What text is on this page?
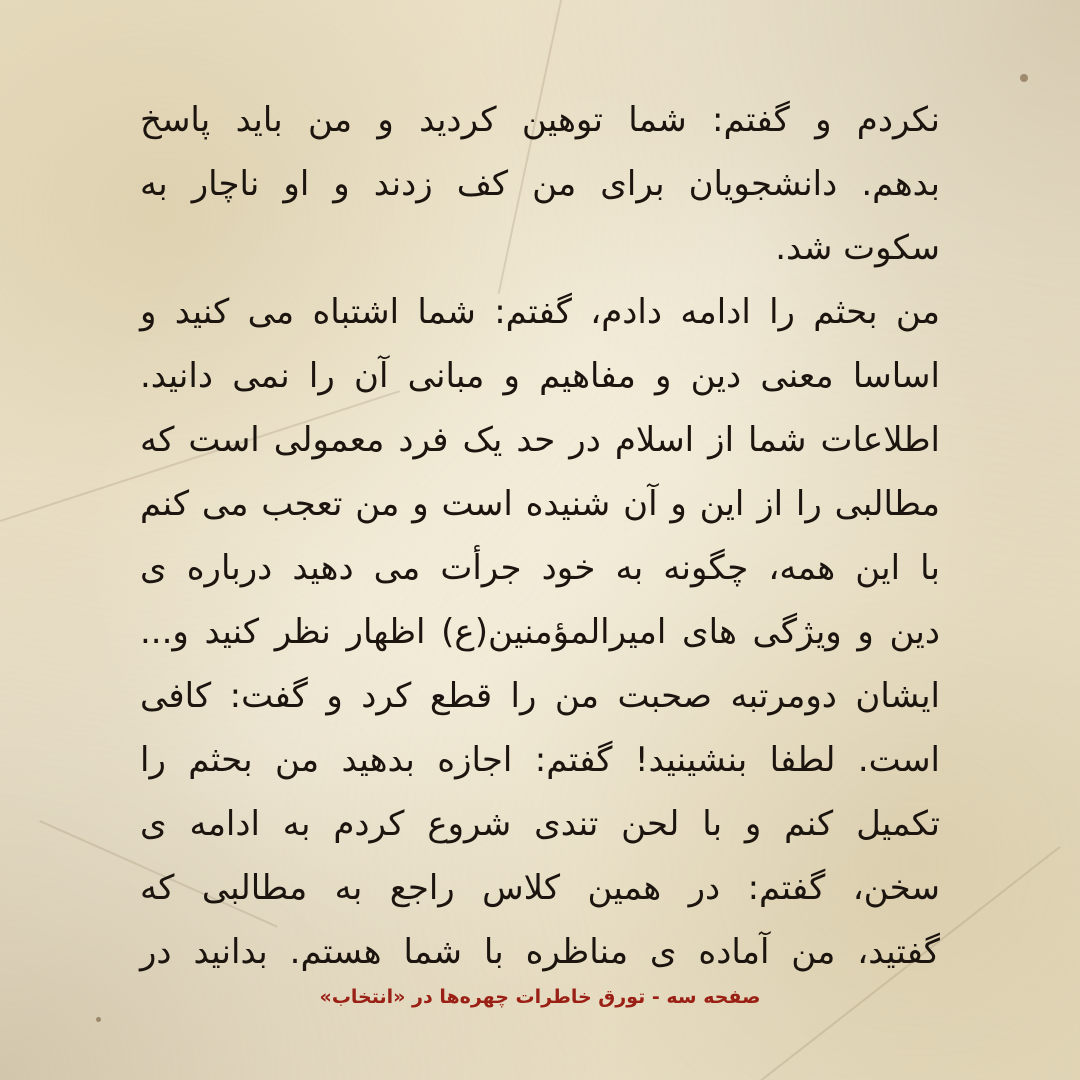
نکردم و گفتم: شما توهین کردید و من باید پاسخ
بدهم. دانشجویان برای من کف زدند و او ناچار به
سکوت شد.
من بحثم را ادامه دادم، گفتم: شما اشتباه می کنید و
اساسا معنی دین و مفاهیم و مبانی آن را نمی دانید.
اطلاعات شما از اسلام در حد یک فرد معمولی است که
مطالبی را از این و آن شنیده است و من تعجب می کنم
با این همه، چگونه به خود جرأت می دهید درباره ی
دین و ویژگی های امیرالمؤمنین(ع) اظهار نظر کنید و...
ایشان دومرتبه صحبت من را قطع کرد و گفت: کافی
است. لطفا بنشینید! گفتم: اجازه بدهید من بحثم را
تکمیل کنم و با لحن تندی شروع کردم به ادامه ی
سخن، گفتم: در همین کلاس راجع به مطالبی که
گفتید، من آماده ی مناظره با شما هستم. بدانید در

صفحه سه - تورق خاطرات چهره‌ها در «انتخاب»
